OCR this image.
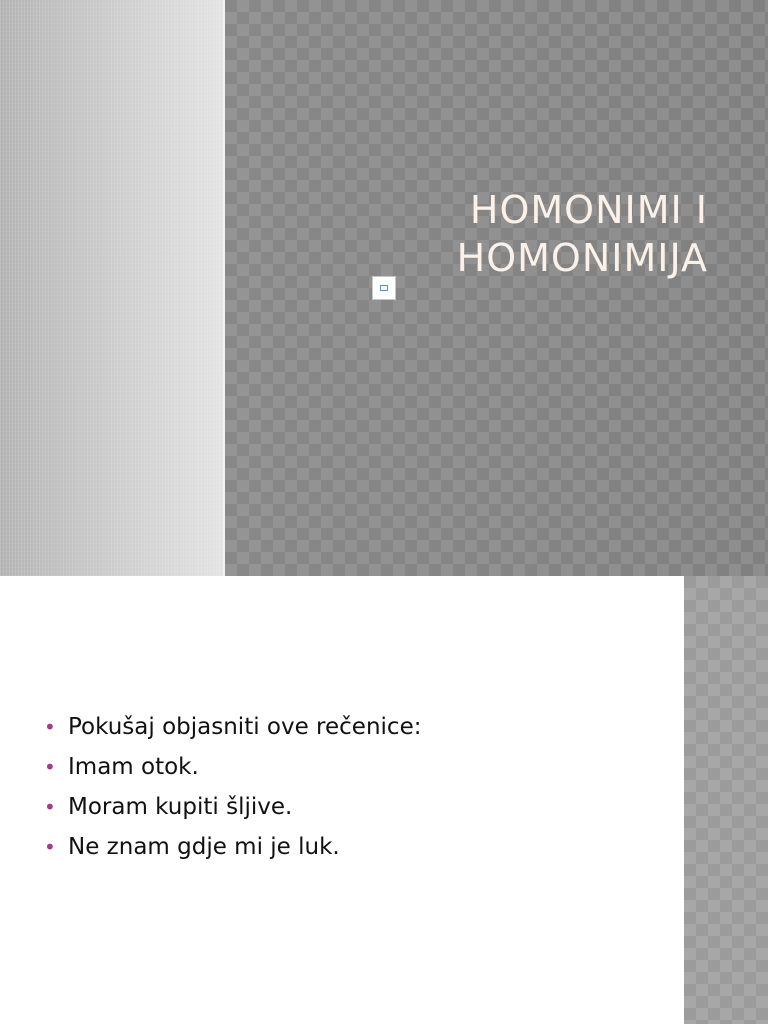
HOMONIMI I
HOMONIMIJA
• Pokušaj objasniti ove rečenice:
• Imam otok.
• Moram kupiti šljive.
• Ne znam gdje mi je luk.
